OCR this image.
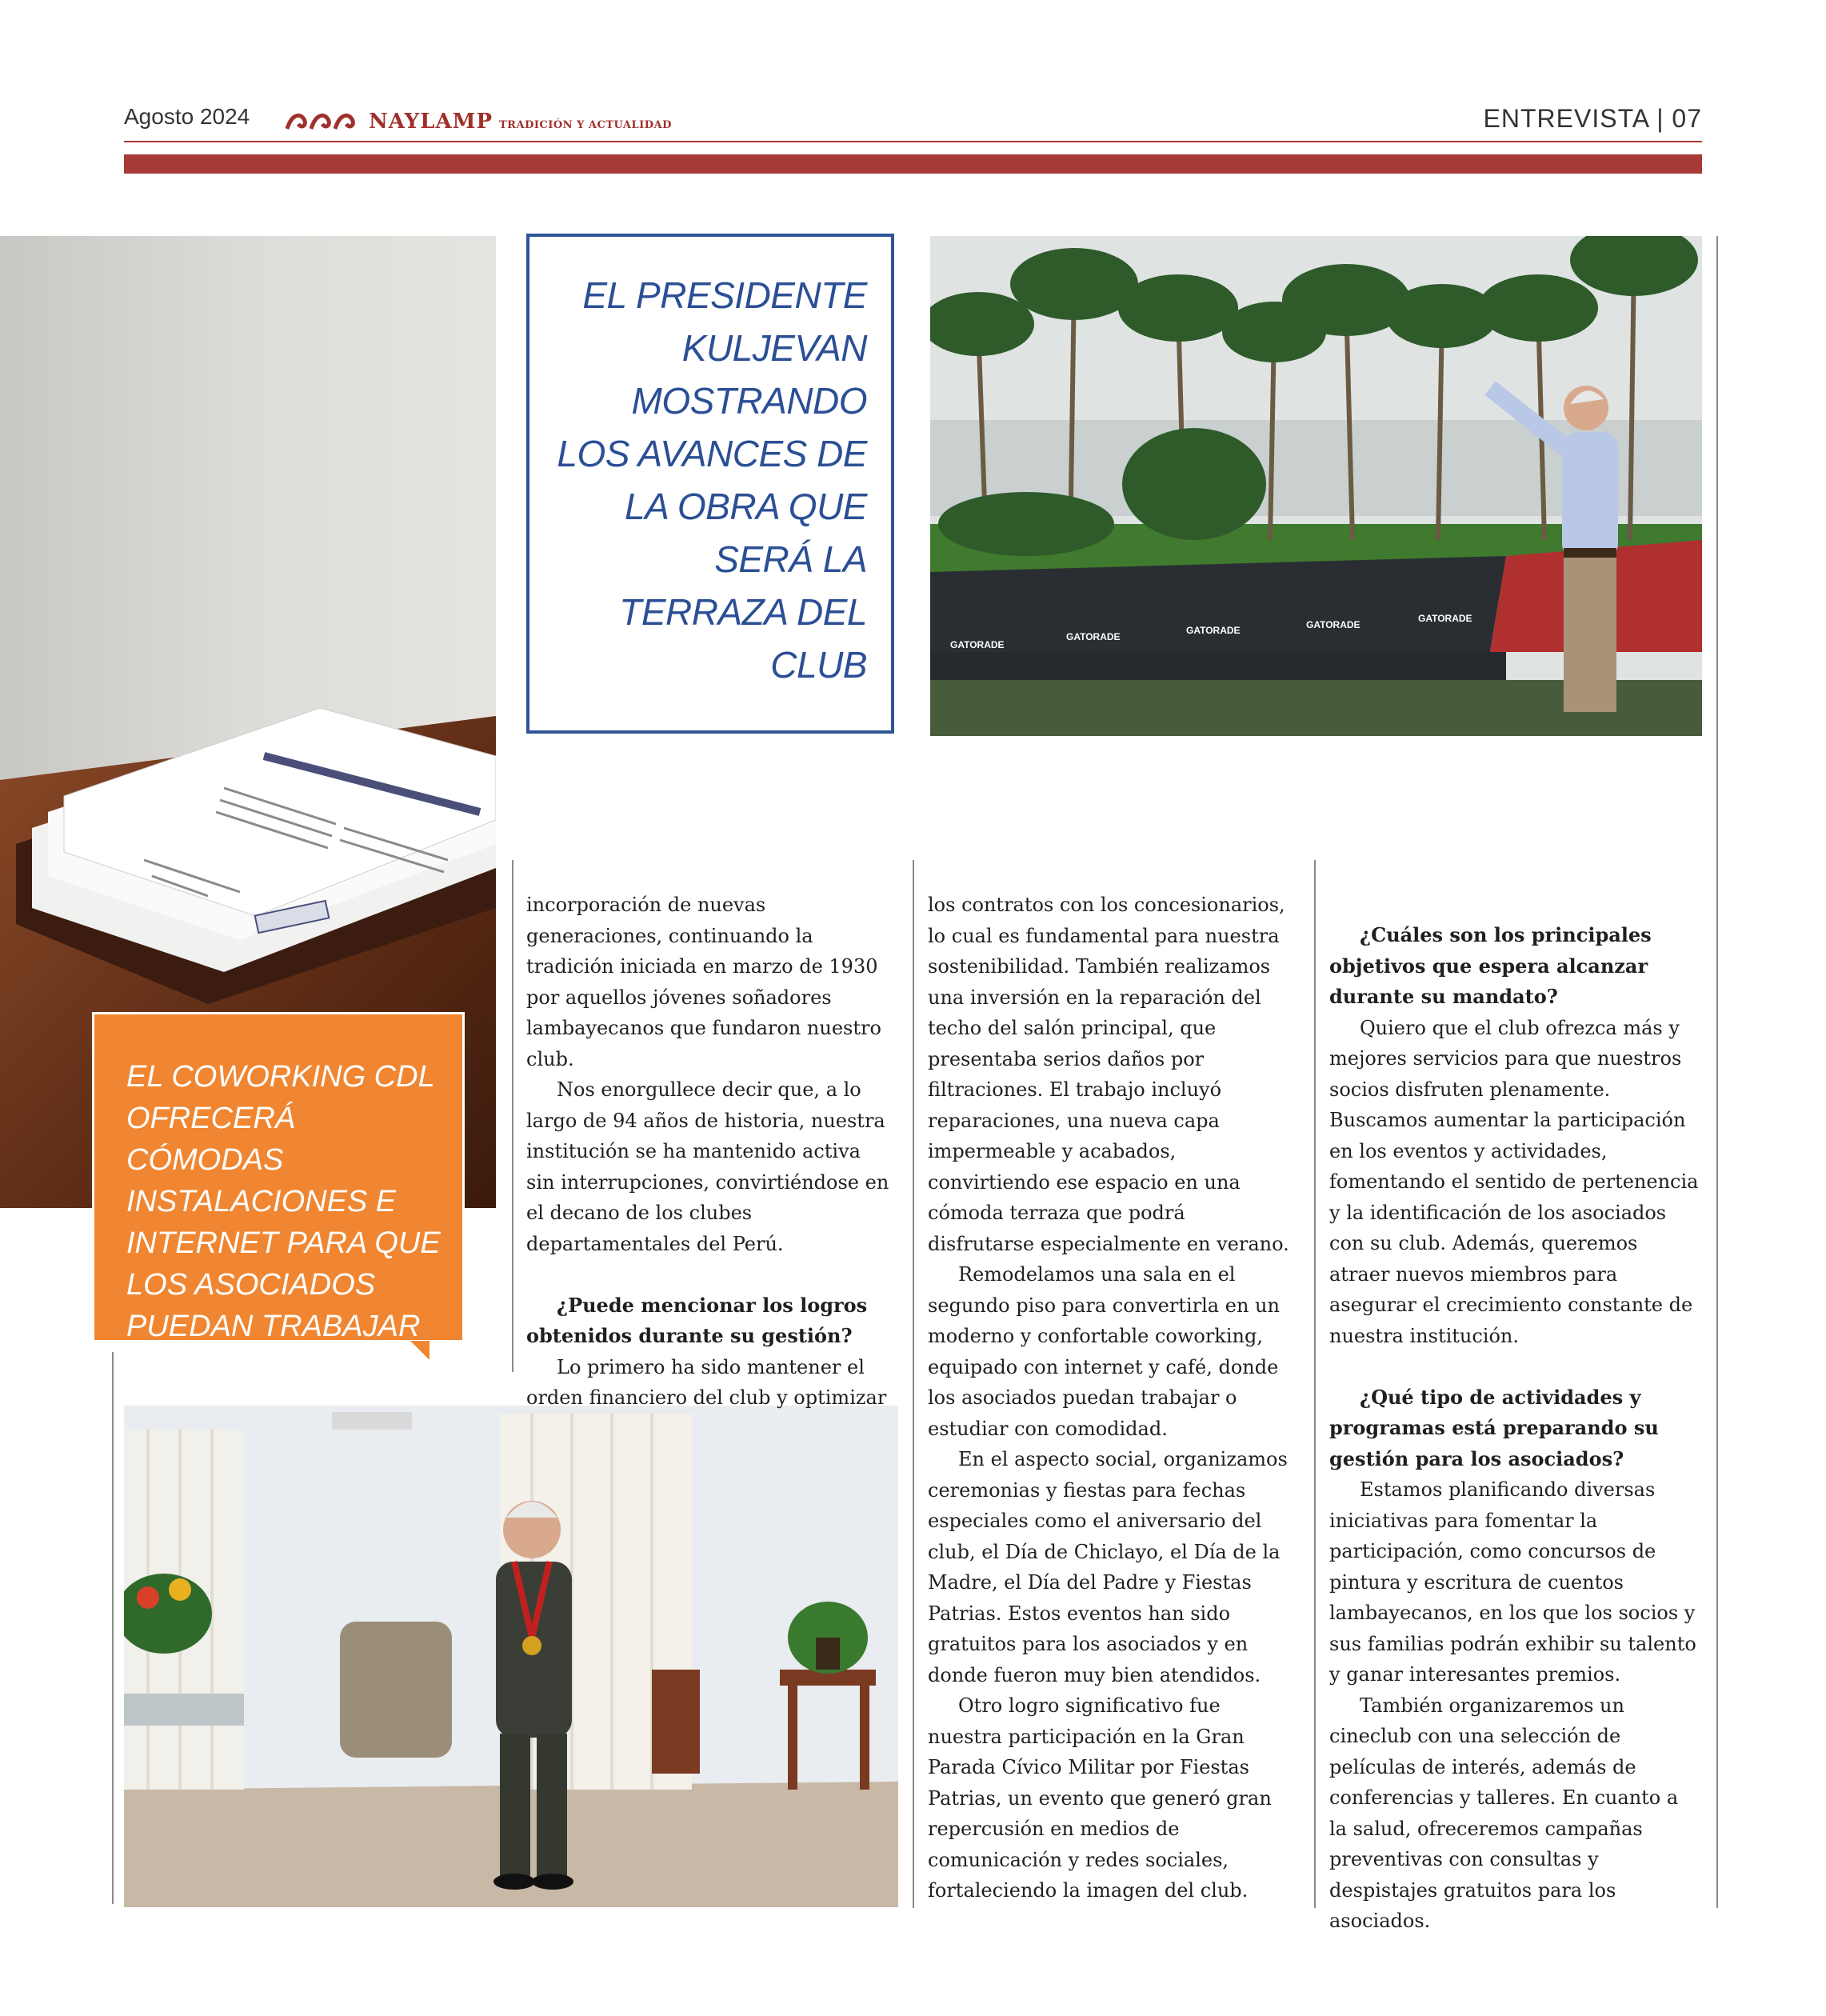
Agosto 2024	NAYLAMP TRADICIÓN Y ACTUALIDAD	ENTREVISTA | 07
EL PRESIDENTE KULJEVAN MOSTRANDO LOS AVANCES DE LA OBRA QUE SERÁ LA TERRAZA DEL CLUB	GATORADE
GATORADE
GATORADE	GATORADE
GATORADE
EL COWORKING CDL OFRECERÁ CÓMODAS INSTALACIONES E INTERNET PARA QUE LOS ASOCIADOS PUEDAN TRABAJAR O ESTUDIAR

incorporación de nuevas generaciones, continuando la tradición iniciada en marzo de 1930 por aquellos jóvenes soñadores lambayecanos que fundaron nuestro club.

Nos enorgullece decir que, a lo largo de 94 años de historia, nuestra institución se ha mantenido activa sin interrupciones, convirtiéndose en el decano de los clubes departamentales del Perú.

¿Puede mencionar los logros obtenidos durante su gestión?

Lo primero ha sido mantener el orden financiero del club y optimizar

los contratos con los concesionarios, lo cual es fundamental para nuestra sostenibilidad. También realizamos una inversión en la reparación del techo del salón principal, que presentaba serios daños por filtraciones. El trabajo incluyó reparaciones, una nueva capa impermeable y acabados, convirtiendo ese espacio en una cómoda terraza que podrá disfrutarse especialmente en verano.

Remodelamos una sala en el segundo piso para convertirla en un moderno y confortable coworking, equipado con internet y café, donde los asociados puedan trabajar o estudiar con comodidad.

En el aspecto social, organizamos ceremonias y fiestas para fechas especiales como el aniversario del club, el Día de Chiclayo, el Día de la Madre, el Día del Padre y Fiestas Patrias. Estos eventos han sido gratuitos para los asociados y en donde fueron muy bien atendidos.

Otro logro significativo fue nuestra participación en la Gran Parada Cívico Militar por Fiestas Patrias, un evento que generó gran repercusión en medios de comunicación y redes sociales, fortaleciendo la imagen del club.

¿Cuáles son los principales objetivos que espera alcanzar durante su mandato?

Quiero que el club ofrezca más y mejores servicios para que nuestros socios disfruten plenamente. Buscamos aumentar la participación en los eventos y actividades, fomentando el sentido de pertenencia y la identificación de los asociados con su club. Además, queremos atraer nuevos miembros para asegurar el crecimiento constante de nuestra institución.

¿Qué tipo de actividades y programas está preparando su gestión para los asociados?

Estamos planificando diversas iniciativas para fomentar la participación, como concursos de pintura y escritura de cuentos lambayecanos, en los que los socios y sus familias podrán exhibir su talento y ganar interesantes premios.

También organizaremos un cineclub con una selección de películas de interés, además de conferencias y talleres. En cuanto a la salud, ofreceremos campañas preventivas con consultas y despistajes gratuitos para los asociados.
